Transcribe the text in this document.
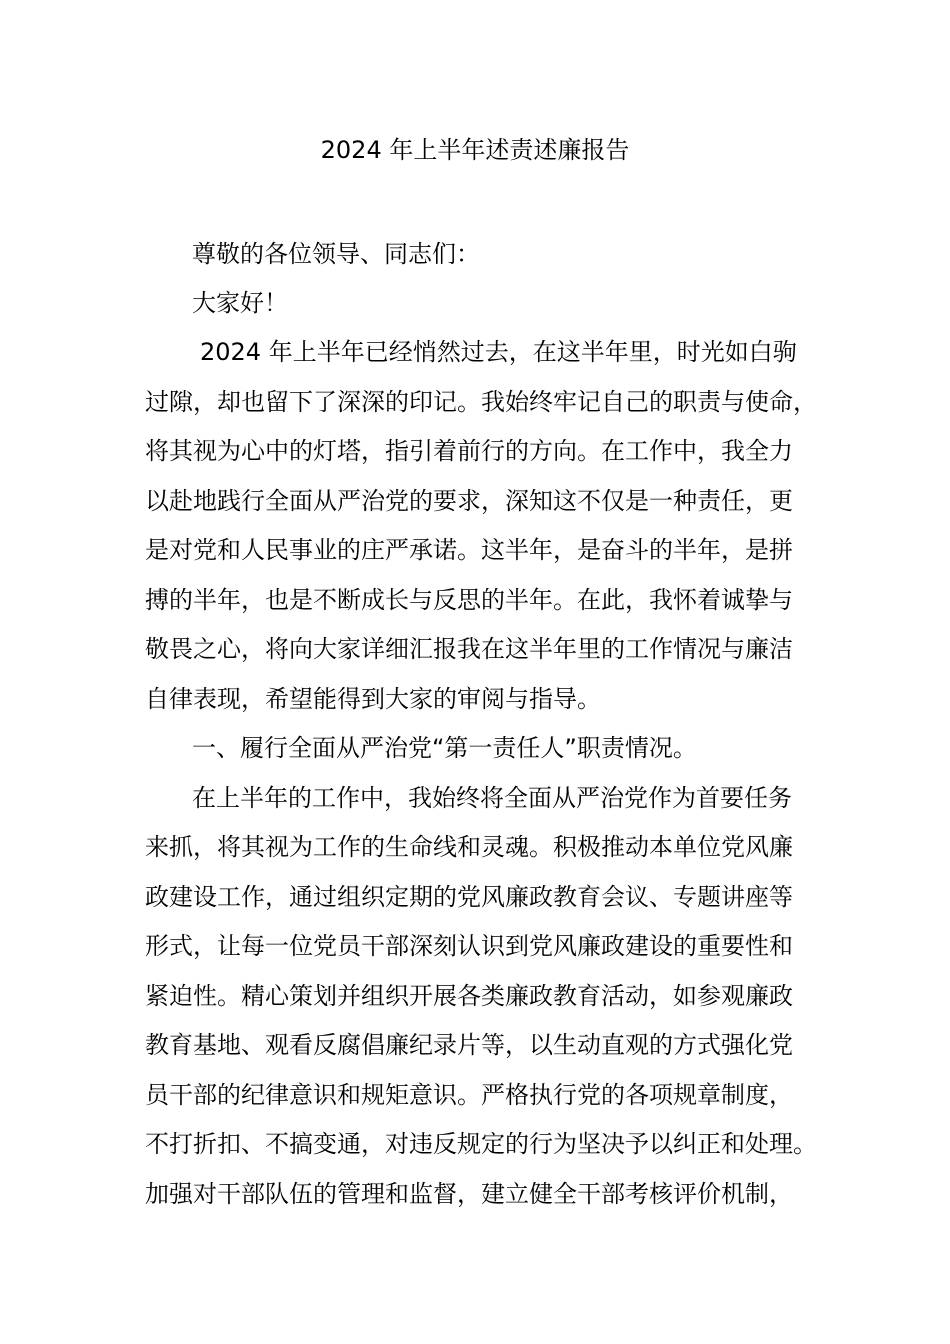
2024 年上半年述责述廉报告
尊敬的各位领导、同志们：
大家好！
2024 年上半年已经悄然过去，在这半年里，时光如白驹
过隙，却也留下了深深的印记。我始终牢记自己的职责与使命，
将其视为心中的灯塔，指引着前行的方向。在工作中，我全力
以赴地践行全面从严治党的要求，深知这不仅是一种责任，更
是对党和人民事业的庄严承诺。这半年，是奋斗的半年，是拼
搏的半年，也是不断成长与反思的半年。在此，我怀着诚挚与
敬畏之心，将向大家详细汇报我在这半年里的工作情况与廉洁
自律表现，希望能得到大家的审阅与指导。
一、履行全面从严治党“第一责任人”职责情况。
在上半年的工作中，我始终将全面从严治党作为首要任务
来抓，将其视为工作的生命线和灵魂。积极推动本单位党风廉
政建设工作，通过组织定期的党风廉政教育会议、专题讲座等
形式，让每一位党员干部深刻认识到党风廉政建设的重要性和
紧迫性。精心策划并组织开展各类廉政教育活动，如参观廉政
教育基地、观看反腐倡廉纪录片等，以生动直观的方式强化党
员干部的纪律意识和规矩意识。严格执行党的各项规章制度，
不打折扣、不搞变通，对违反规定的行为坚决予以纠正和处理。
加强对干部队伍的管理和监督，建立健全干部考核评价机制，
